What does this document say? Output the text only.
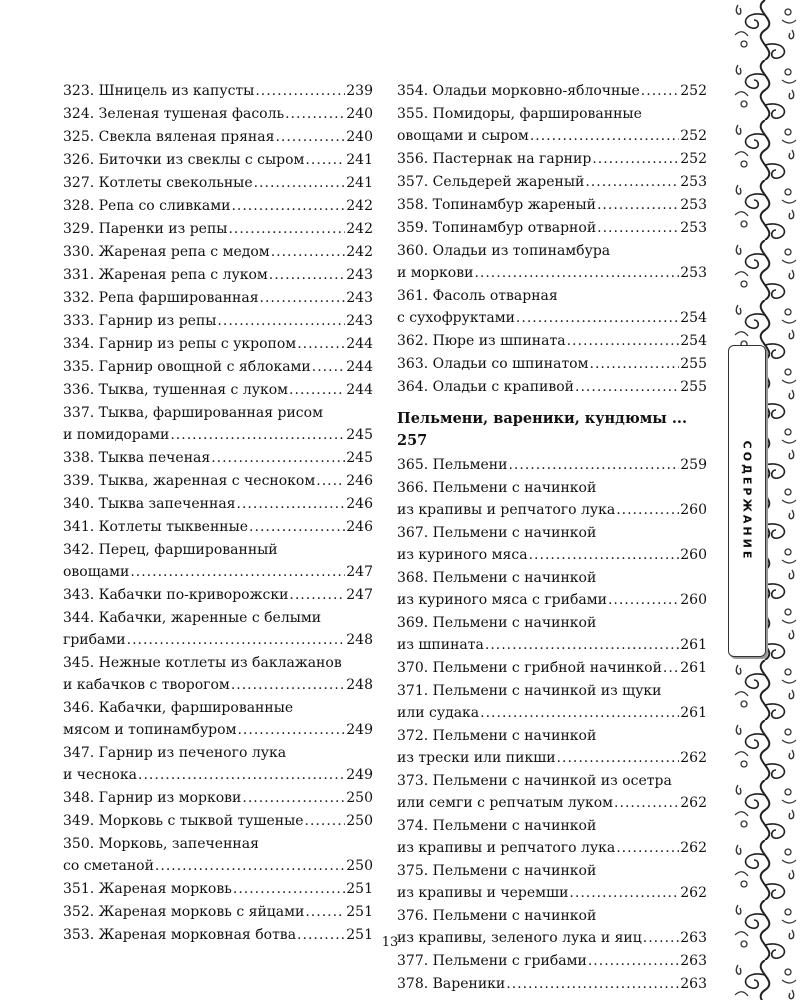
СОДЕРЖАНИЕ
323. Шницель из капусты .....	239
324. Зеленая тушеная фасоль .....	240
325. Свекла вяленая пряная .....	240
326. Биточки из свеклы с сыром .....	241
327. Котлеты свекольные .....	241
328. Репа со сливками .....	242
329. Паренки из репы .....	242
330. Жареная репа с медом .....	242
331. Жареная репа с луком .....	243
332. Репа фаршированная .....	243
333. Гарнир из репы .....	243
334. Гарнир из репы с укропом .....	244
335. Гарнир овощной с яблоками .....	244
336. Тыква, тушенная с луком .....	244
337. Тыква, фаршированная рисом
и помидорами .....	245
338. Тыква печеная .....	245
339. Тыква, жаренная с чесноком ..... 246
340. Тыква запеченная .....	246
341. Котлеты тыквенные .....	246
342. Перец, фаршированный
овощами .....	247
343. Кабачки по-криворожски .....	247
344. Кабачки, жаренные с белыми
грибами .....	248
345. Нежные котлеты из баклажанов
и кабачков с творогом .....	248
346. Кабачки, фаршированные
мясом и топинамбуром .....	249
347. Гарнир из печеного лука
и чеснока .....	249
348. Гарнир из моркови .....	250
349. Морковь с тыквой тушеные .....	250
350. Морковь, запеченная
со сметаной .....	250
351. Жареная морковь .....	251
352. Жареная морковь с яйцами .....	251
353. Жареная морковная ботва .....	251
354. Оладьи морковно-яблочные .....	252
355. Помидоры, фаршированные
овощами и сыром .....	252
356. Пастернак на гарнир .....	252
357. Сельдерей жареный .....	253
358. Топинамбур жареный .....	253
359. Топинамбур отварной .....	253
360. Оладьи из топинамбура
и моркови .....	253
361. Фасоль отварная
с сухофруктами .....	254
362. Пюре из шпината .....	254
363. Оладьи со шпинатом .....	255
364. Оладьи с крапивой .....	255
Пельмени, вареники, кундюмы ... 257
365. Пельмени .....	259
366. Пельмени с начинкой
из крапивы и репчатого лука .....	260
367. Пельмени с начинкой
из куриного мяса .....	260
368. Пельмени с начинкой
из куриного мяса с грибами .....	260
369. Пельмени с начинкой
из шпината .....	261
370. Пельмени с грибной начинкой ..... 261
371. Пельмени с начинкой из щуки
или судака .....	261
372. Пельмени с начинкой
из трески или пикши .....	262
373. Пельмени с начинкой из осетра
или семги с репчатым луком .....	262
374. Пельмени с начинкой
из крапивы и репчатого лука .....	262
375. Пельмени с начинкой
из крапивы и черемши .....	262
376. Пельмени с начинкой
из крапивы, зеленого лука и яиц .....	263
377. Пельмени с грибами .....	263
378. Вареники .....	263
13
